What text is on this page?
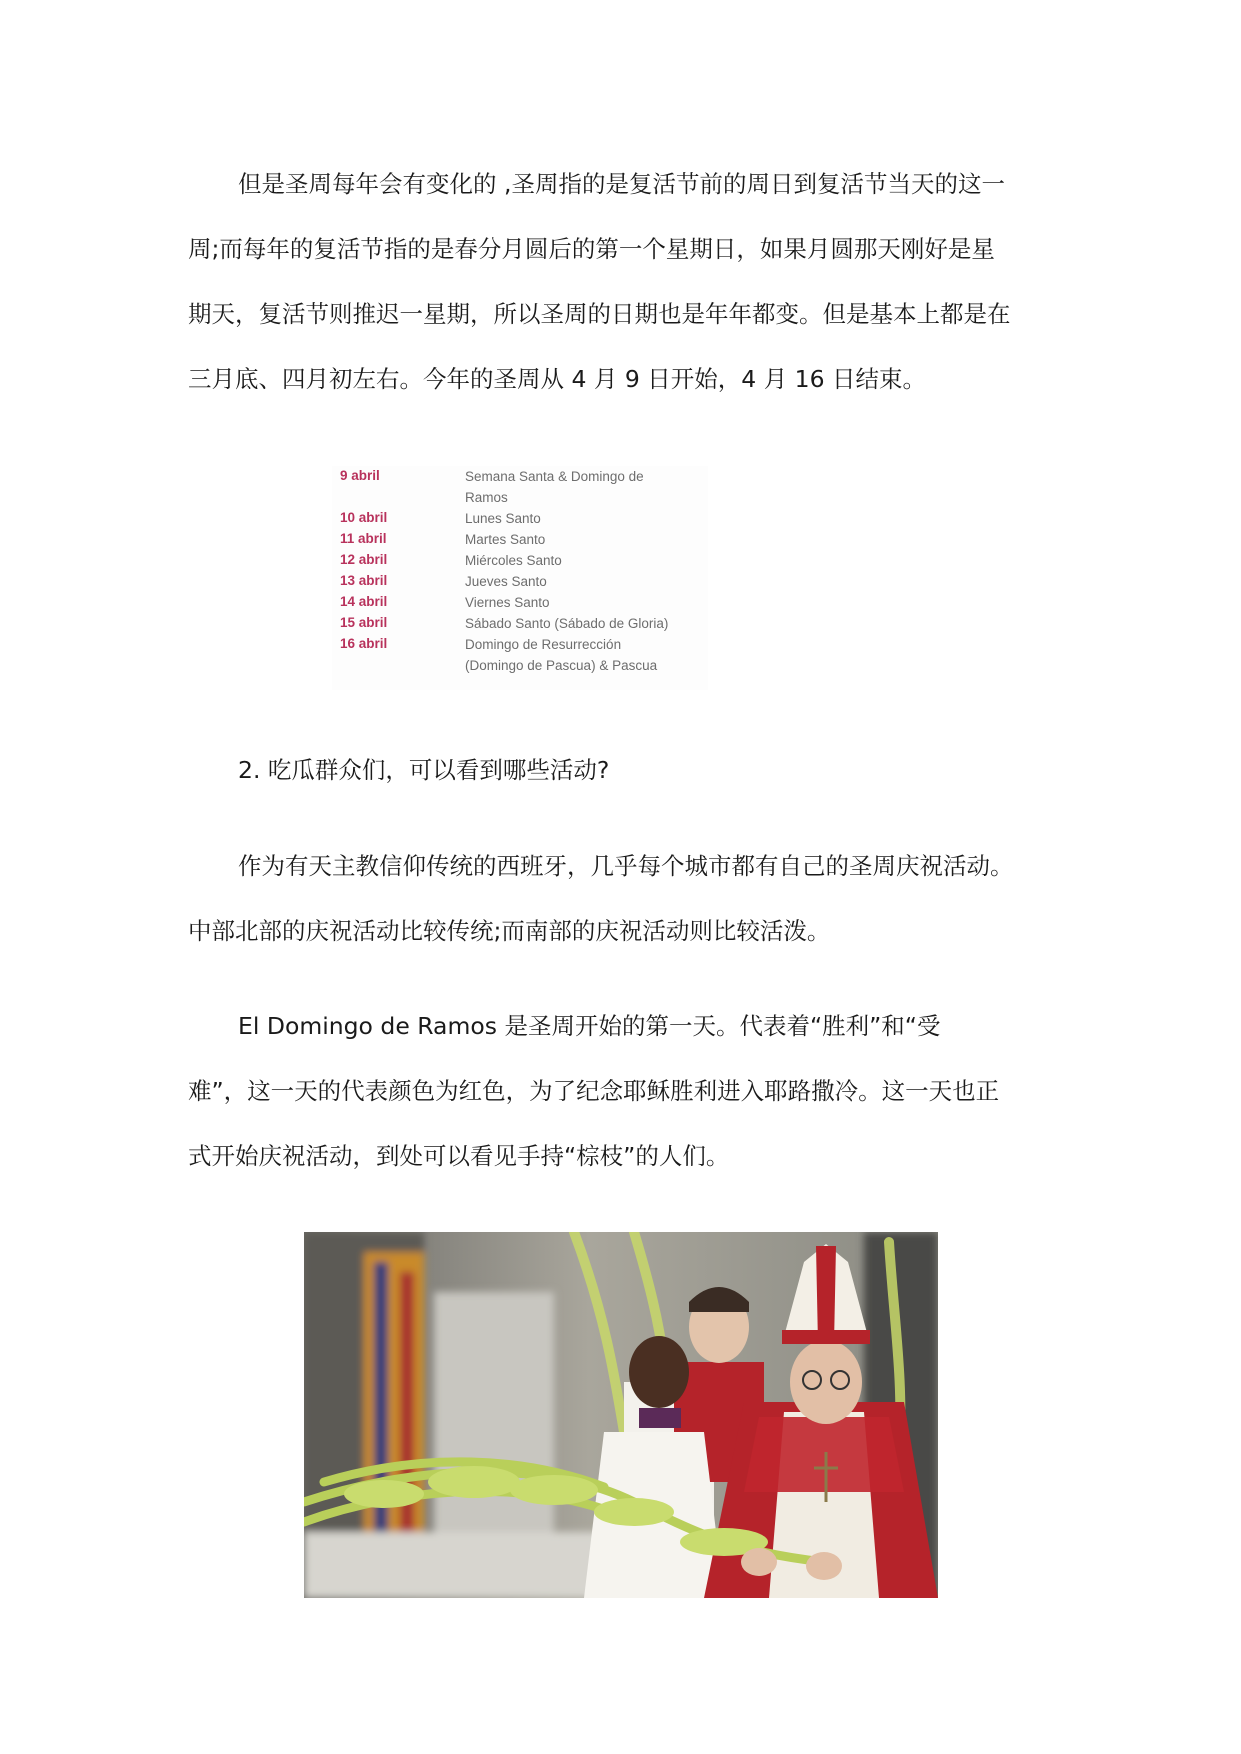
但是圣周每年会有变化的 ,圣周指的是复活节前的周日到复活节当天的这一
周;而每年的复活节指的是春分月圆后的第一个星期日，如果月圆那天刚好是星
期天，复活节则推迟一星期，所以圣周的日期也是年年都变。但是基本上都是在
三月底、四月初左右。今年的圣周从 4 月 9 日开始，4 月 16 日结束。

9 abril	Semana Santa & Domingo de
Ramos
10 abril	Lunes Santo
11 abril	Martes Santo
12 abril	Miércoles Santo
13 abril	Jueves Santo
14 abril	Viernes Santo
15 abril	Sábado Santo (Sábado de Gloria)
16 abril	Domingo de Resurrección
(Domingo de Pascua) & Pascua

2. 吃瓜群众们，可以看到哪些活动?

作为有天主教信仰传统的西班牙，几乎每个城市都有自己的圣周庆祝活动。
中部北部的庆祝活动比较传统;而南部的庆祝活动则比较活泼。

El Domingo de Ramos 是圣周开始的第一天。代表着“胜利”和“受
难”，这一天的代表颜色为红色，为了纪念耶稣胜利进入耶路撒冷。这一天也正
式开始庆祝活动，到处可以看见手持“棕枝”的人们。
